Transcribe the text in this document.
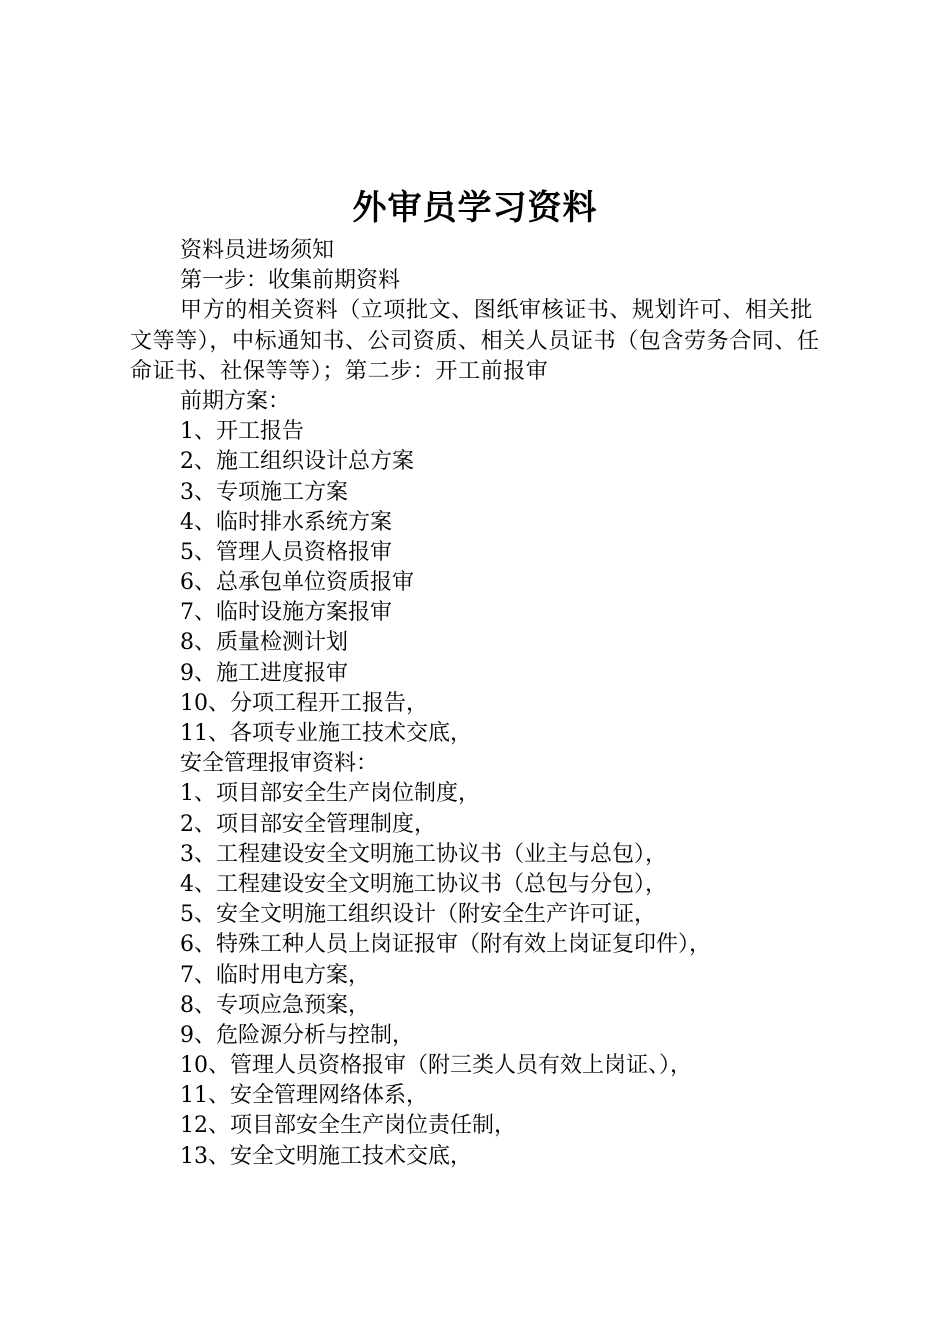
外审员学习资料
资料员进场须知
第一步：收集前期资料
甲方的相关资料（立项批文、图纸审核证书、规划许可、相关批文等等），中标通知书、公司资质、相关人员证书（包含劳务合同、任命证书、社保等等）；第二步：开工前报审
前期方案：
1、开工报告
2、施工组织设计总方案
3、专项施工方案
4、临时排水系统方案
5、管理人员资格报审
6、总承包单位资质报审
7、临时设施方案报审
8、质量检测计划
9、施工进度报审
10、分项工程开工报告，
11、各项专业施工技术交底，
安全管理报审资料：
1、项目部安全生产岗位制度，
2、项目部安全管理制度，
3、工程建设安全文明施工协议书（业主与总包），
4、工程建设安全文明施工协议书（总包与分包），
5、安全文明施工组织设计（附安全生产许可证，
6、特殊工种人员上岗证报审（附有效上岗证复印件），
7、临时用电方案，
8、专项应急预案，
9、危险源分析与控制，
10、管理人员资格报审（附三类人员有效上岗证、），
11、安全管理网络体系，
12、项目部安全生产岗位责任制，
13、安全文明施工技术交底，
